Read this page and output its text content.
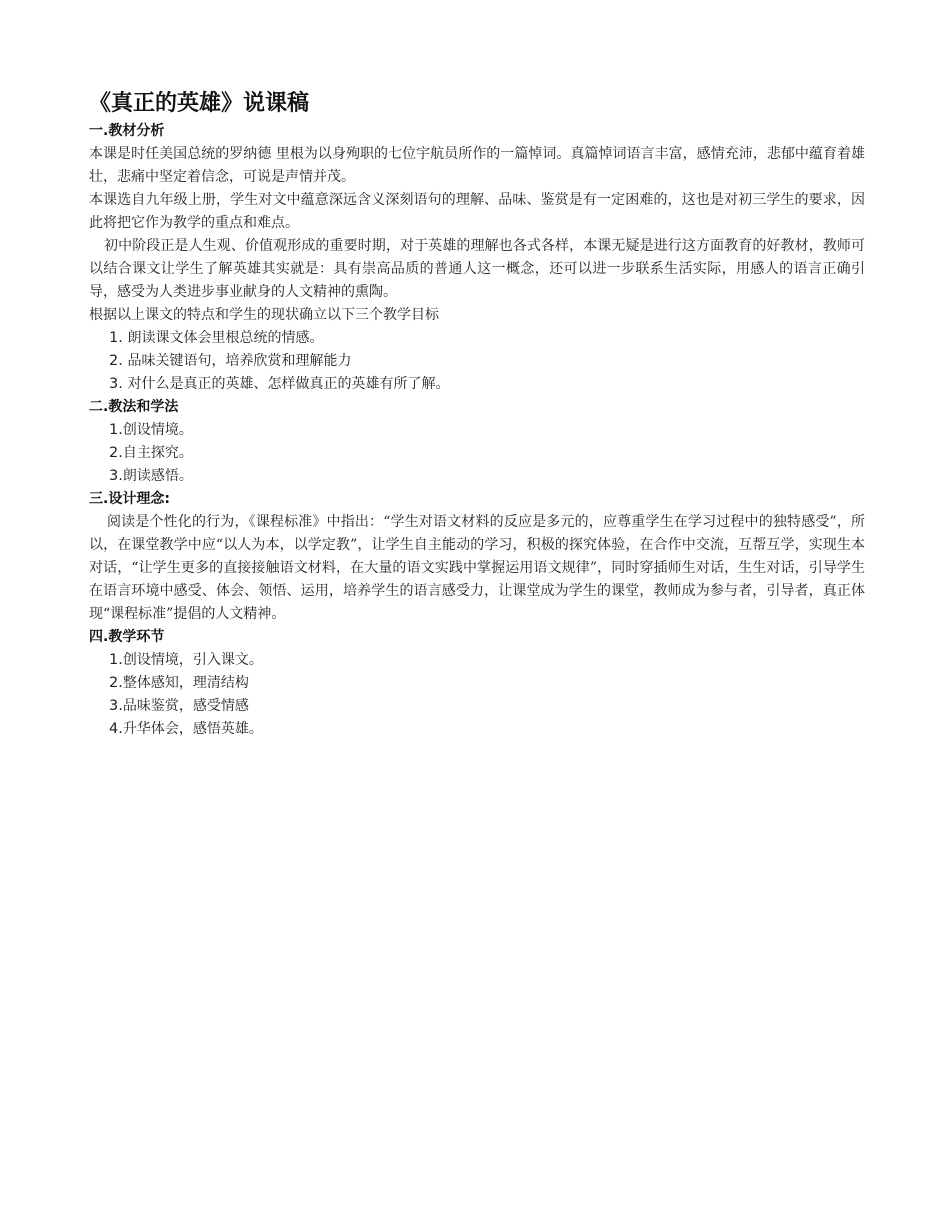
《真正的英雄》说课稿
一.教材分析

本课是时任美国总统的罗纳德 里根为以身殉职的七位宇航员所作的一篇悼词。真篇悼词语言丰富，感情充沛，悲郁中蕴育着雄壮，悲痛中坚定着信念，可说是声情并茂。

本课选自九年级上册，学生对文中蕴意深远含义深刻语句的理解、品味、鉴赏是有一定困难的，这也是对初三学生的要求，因此将把它作为教学的重点和难点。

初中阶段正是人生观、价值观形成的重要时期，对于英雄的理解也各式各样，本课无疑是进行这方面教育的好教材，教师可以结合课文让学生了解英雄其实就是：具有崇高品质的普通人这一概念，还可以进一步联系生活实际，用感人的语言正确引导，感受为人类进步事业献身的人文精神的熏陶。

根据以上课文的特点和学生的现状确立以下三个教学目标

1. 朗读课文体会里根总统的情感。
2. 品味关键语句，培养欣赏和理解能力
3. 对什么是真正的英雄、怎样做真正的英雄有所了解。
二.教法和学法
1.创设情境。
2.自主探究。
3.朗读感悟。
三.设计理念:

阅读是个性化的行为，《课程标准》中指出：“学生对语文材料的反应是多元的，应尊重学生在学习过程中的独特感受”，所以，在课堂教学中应“以人为本，以学定教”，让学生自主能动的学习，积极的探究体验，在合作中交流，互帮互学，实现生本对话，“让学生更多的直接接触语文材料，在大量的语文实践中掌握运用语文规律”，同时穿插师生对话，生生对话，引导学生在语言环境中感受、体会、领悟、运用，培养学生的语言感受力，让课堂成为学生的课堂，教师成为参与者，引导者，真正体现“课程标准”提倡的人文精神。

四.教学环节
1.创设情境，引入课文。
2.整体感知，理清结构
3.品味鉴赏，感受情感
4.升华体会，感悟英雄。
